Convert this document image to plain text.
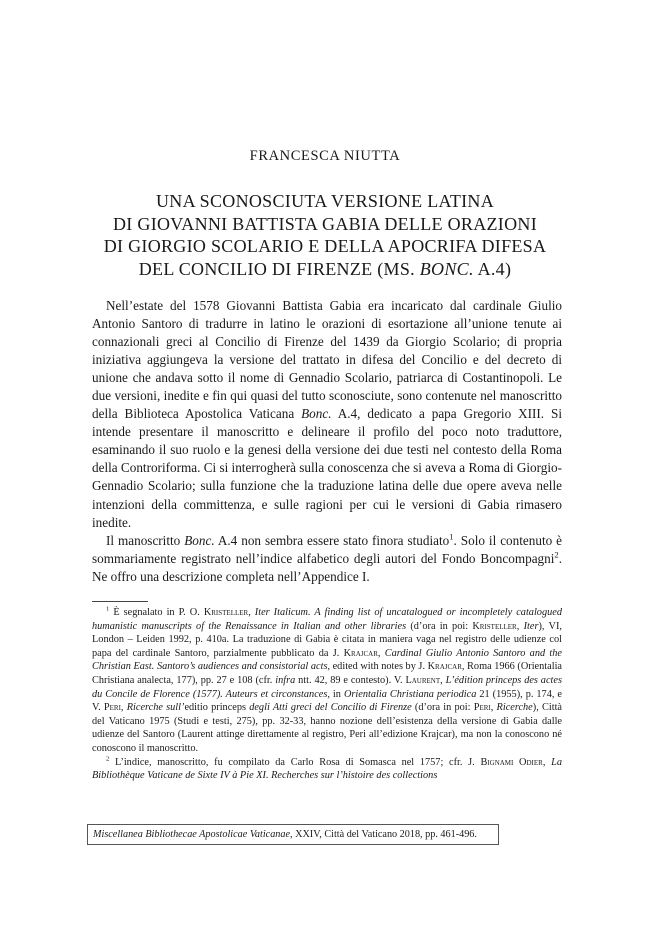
FRANCESCA NIUTTA
UNA SCONOSCIUTA VERSIONE LATINA
DI GIOVANNI BATTISTA GABIA DELLE ORAZIONI
DI GIORGIO SCOLARIO E DELLA APOCRIFA DIFESA
DEL CONCILIO DI FIRENZE (MS. BONC. A.4)

Nell’estate del 1578 Giovanni Battista Gabia era incaricato dal cardinale Giulio Antonio Santoro di tradurre in latino le orazioni di esortazione all’unione tenute ai connazionali greci al Concilio di Firenze del 1439 da Giorgio Scolario; di propria iniziativa aggiungeva la versione del trattato in difesa del Concilio e del decreto di unione che andava sotto il nome di Gennadio Scolario, patriarca di Costantinopoli. Le due versioni, inedite e fin qui quasi del tutto sconosciute, sono contenute nel manoscritto della Biblioteca Apostolica Vaticana Bonc. A.4, dedicato a papa Gregorio XIII. Si intende presentare il manoscritto e delineare il profilo del poco noto traduttore, esaminando il suo ruolo e la genesi della versione dei due testi nel contesto della Roma della Controriforma. Ci si interrogherà sulla conoscenza che si aveva a Roma di Giorgio-Gennadio Scolario; sulla funzione che la traduzione latina delle due opere aveva nelle intenzioni della committenza, e sulle ragioni per cui le versioni di Gabia rimasero inedite.

Il manoscritto Bonc. A.4 non sembra essere stato finora studiato$^1$. Solo il contenuto è sommariamente registrato nell’indice alfabetico degli autori del Fondo Boncompagni$^2$. Ne offro una descrizione completa nell’Appendice I.

$^1$ È segnalato in P. O. Kristeller, Iter Italicum. A finding list of uncatalogued or incompletely catalogued humanistic manuscripts of the Renaissance in Italian and other libraries (d’ora in poi: Kristeller, Iter), VI, London – Leiden 1992, p. 410a. La traduzione di Gabia è citata in maniera vaga nel registro delle udienze col papa del cardinale Santoro, parzialmente pubblicato da J. Krajcar, Cardinal Giulio Antonio Santoro and the Christian East. Santoro’s audiences and consistorial acts, edited with notes by J. Krajcar, Roma 1966 (Orientalia Christiana analecta, 177), pp. 27 e 108 (cfr. infra ntt. 42, 89 e contesto). V. Laurent, L’édition princeps des actes du Concile de Florence (1577). Auteurs et circonstances, in Orientalia Christiana periodica 21 (1955), p. 174, e V. Peri, Ricerche sull’editio princeps degli Atti greci del Concilio di Firenze (d’ora in poi: Peri, Ricerche), Città del Vaticano 1975 (Studi e testi, 275), pp. 32-33, hanno nozione dell’esistenza della versione di Gabia dalle udienze del Santoro (Laurent attinge direttamente al registro, Peri all’edizione Krajcar), ma non la conoscono né conoscono il manoscritto.

$^2$ L’indice, manoscritto, fu compilato da Carlo Rosa di Somasca nel 1757; cfr. J. Bignami Odier, La Bibliothèque Vaticane de Sixte IV à Pie XI. Recherches sur l’histoire des collections

Miscellanea Bibliothecae Apostolicae Vaticanae, XXIV, Città del Vaticano 2018, pp. 461-496.
